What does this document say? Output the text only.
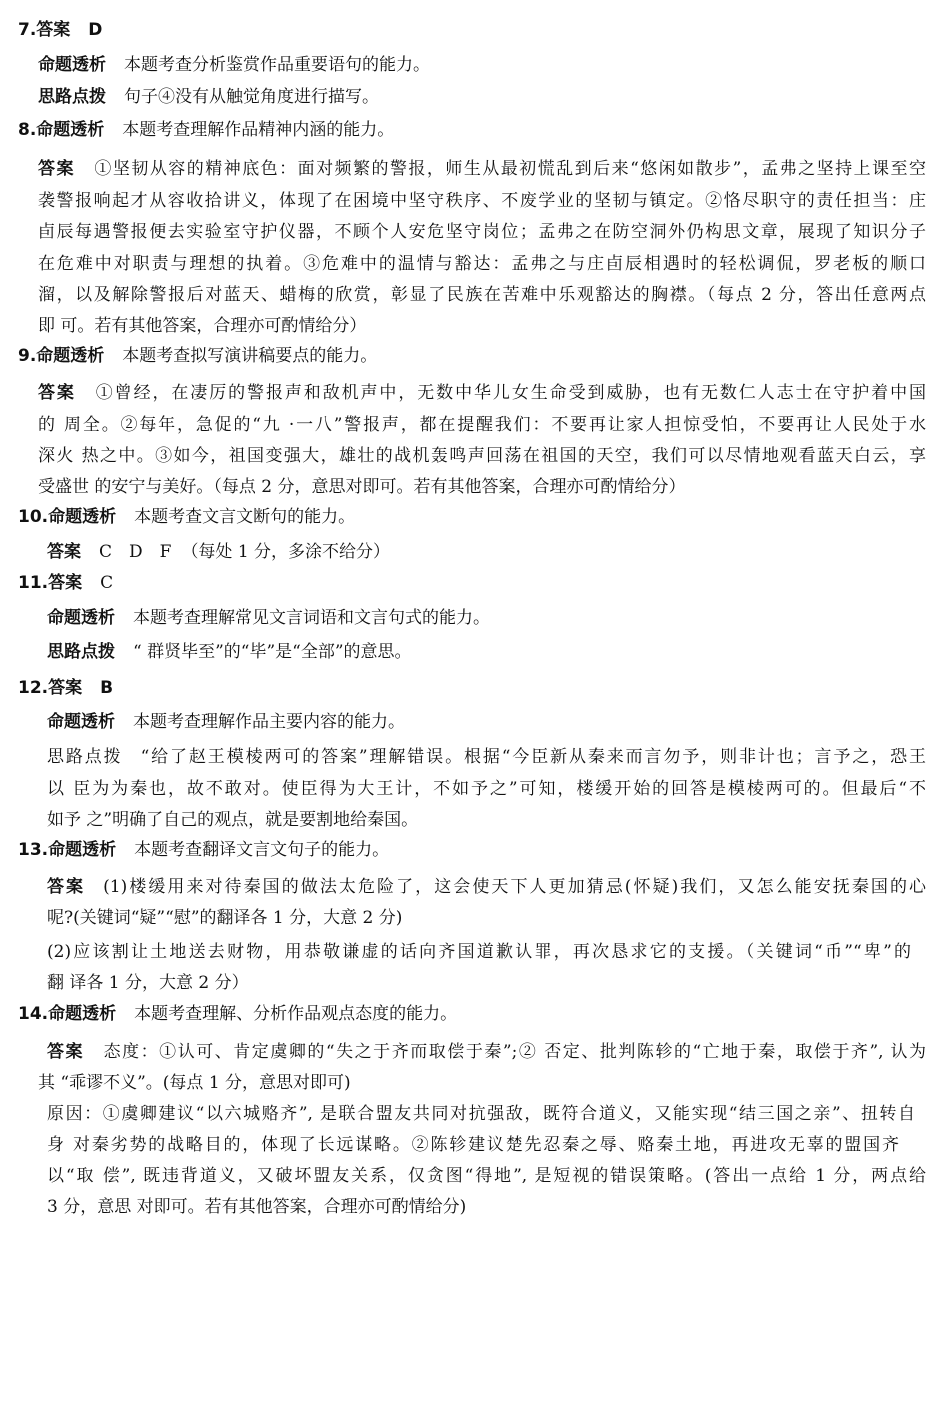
7.答案 D
命题透析 本题考查分析鉴赏作品重要语句的能力。
思路点拨 句子④没有从触觉角度进行描写。
8.命题透析 本题考查理解作品精神内涵的能力。
答案 ①坚韧从容的精神底色：面对频繁的警报，师生从最初慌乱到后来“悠闲如散步”，孟弗之坚持上课至空
袭警报响起才从容收拾讲义，体现了在困境中坚守秩序、不废学业的坚韧与镇定。②恪尽职守的责任担当：庄
卣辰每遇警报便去实验室守护仪器，不顾个人安危坚守岗位；孟弗之在防空洞外仍构思文章，展现了知识分子
在危难中对职责与理想的执着。③危难中的温情与豁达：孟弗之与庄卣辰相遇时的轻松调侃，罗老板的顺口
溜，以及解除警报后对蓝天、蜡梅的欣赏，彰显了民族在苦难中乐观豁达的胸襟。（每点 2 分，答出任意两点
即 可。若有其他答案，合理亦可酌情给分）
9.命题透析 本题考查拟写演讲稿要点的能力。
答案 ①曾经，在凄厉的警报声和敌机声中，无数中华儿女生命受到威胁，也有无数仁人志士在守护着中国
的 周全。②每年，急促的“九 ·一八”警报声，都在提醒我们：不要再让家人担惊受怕，不要再让人民处于水
深火 热之中。③如今，祖国变强大，雄壮的战机轰鸣声回荡在祖国的天空，我们可以尽情地观看蓝天白云，享
受盛世 的安宁与美好。（每点 2 分，意思对即可。若有其他答案，合理亦可酌情给分）
10.命题透析 本题考查文言文断句的能力。
答案 C　D　F （每处 1 分，多涂不给分）
11.答案 C
命题透析 本题考查理解常见文言词语和文言句式的能力。
思路点拨 “ 群贤毕至”的“毕”是“全部”的意思。
12.答案 B
命题透析 本题考查理解作品主要内容的能力。
思路点拨 “给了赵王模棱两可的答案”理解错误。根据“今臣新从秦来而言勿予，则非计也；言予之，恐王
以 臣为为秦也，故不敢对。使臣得为大王计，不如予之”可知，楼缓开始的回答是模棱两可的。但最后“不
如予 之”明确了自己的观点，就是要割地给秦国。
13.命题透析 本题考查翻译文言文句子的能力。
答案 (1)楼缓用来对待秦国的做法太危险了，这会使天下人更加猜忌(怀疑)我们，又怎么能安抚秦国的心
呢?(关键词“疑”“慰”的翻译各 1 分，大意 2 分)
(2)应该割让土地送去财物，用恭敬谦虚的话向齐国道歉认罪，再次恳求它的支援。（关键词“币”“卑”的
翻 译各 1 分，大意 2 分）
14.命题透析 本题考查理解、分析作品观点态度的能力。
答案 态度：①认可、肯定虞卿的“失之于齐而取偿于秦”;② 否定、批判陈轸的“亡地于秦，取偿于齐”, 认为
其 “乖谬不义”。(每点 1 分，意思对即可)
原因：①虞卿建议“以六城赂齐”, 是联合盟友共同对抗强敌，既符合道义，又能实现“结三国之亲”、扭转自
身 对秦劣势的战略目的，体现了长远谋略。②陈轸建议楚先忍秦之辱、赂秦土地，再进攻无辜的盟国齐
以“取 偿”, 既违背道义，又破坏盟友关系，仅贪图“得地”, 是短视的错误策略。(答出一点给 1 分，两点给
3 分，意思 对即可。若有其他答案，合理亦可酌情给分)
